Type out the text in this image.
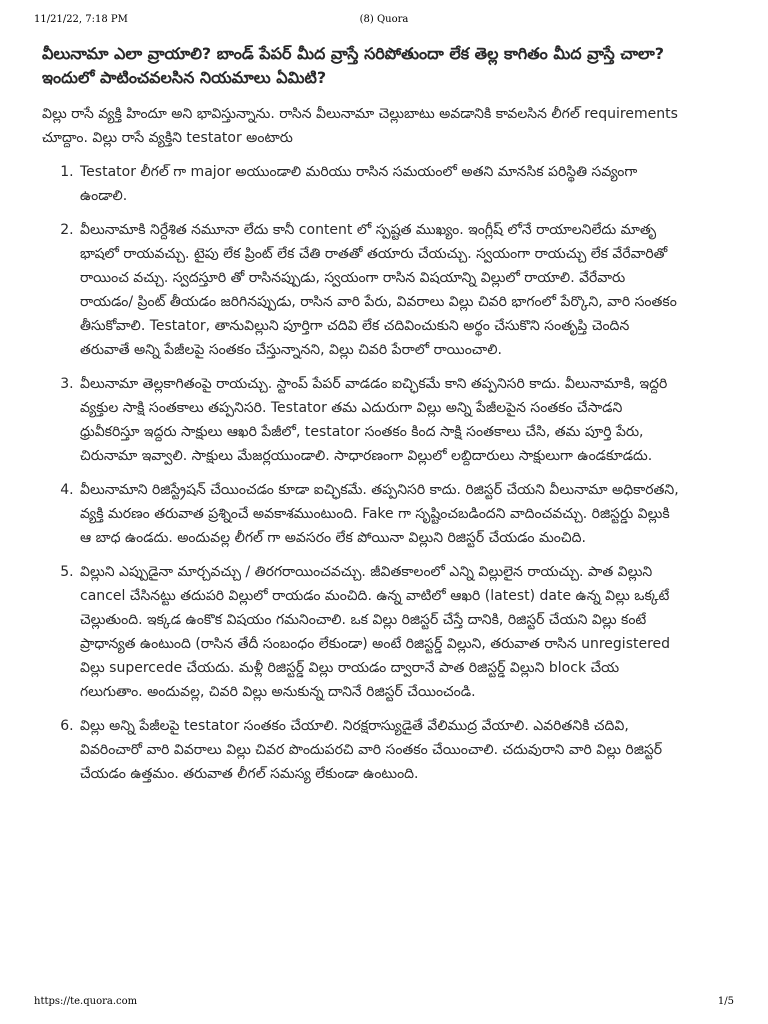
11/21/22, 7:18 PM	(8) Quora
వీలునామా ఎలా వ్రాయాలి? బాండ్ పేపర్ మీద వ్రాస్తే సరిపోతుందా లేక తెల్ల కాగితం మీద వ్రాస్తే చాలా? ఇందులో పాటించవలసిన నియమాలు ఏమిటి?

విల్లు రాసే వ్యక్తి హిందూ అని భావిస్తున్నాను. రాసిన వీలునామా చెల్లుబాటు అవడానికి కావలసిన లీగల్ requirements చూద్దాం. విల్లు రాసే వ్యక్తిని testator అంటారు

1. Testator లీగల్ గా major అయుండాలి మరియు రాసిన సమయంలో అతని మానసిక పరిస్థితి సవ్యంగా ఉండాలి.
2. వీలునామాకి నిర్దేశిత నమూనా లేదు కానీ content లో స్పష్టత ముఖ్యం. ఇంగ్లీష్ లోనే రాయాలనిలేదు మాతృ భాషలో రాయవచ్చు. టైపు లేక ప్రింట్ లేక చేతి రాతతో తయారు చేయచ్చు. స్వయంగా రాయచ్చు లేక వేరేవారితో రాయించ వచ్చు. స్వదస్తూరి తో రాసినప్పుడు, స్వయంగా రాసిన విషయాన్ని విల్లులో రాయాలి. వేరేవారు రాయడం/ ప్రింట్ తీయడం జరిగినప్పుడు, రాసిన వారి పేరు, వివరాలు విల్లు చివరి భాగంలో పేర్కొని, వారి సంతకం తీసుకోవాలి. Testator, తానువిల్లుని పూర్తిగా చదివి లేక చదివించుకుని అర్థం చేసుకొని సంతృప్తి చెందిన తరువాతే అన్ని పేజీలపై సంతకం చేస్తున్నానని, విల్లు చివరి పేరాలో రాయించాలి.
3. వీలునామా తెల్లకాగితంపై రాయచ్చు. స్టాంప్ పేపర్ వాడడం ఐచ్ఛికమే కాని తప్పనిసరి కాదు. వీలునామాకి, ఇద్దరి వ్యక్తుల సాక్షి సంతకాలు తప్పనిసరి. Testator తమ ఎదురుగా విల్లు అన్ని పేజీలపైన సంతకం చేసాడని ధ్రువీకరిస్తూ ఇద్దరు సాక్షులు ఆఖరి పేజీలో, testator సంతకం కింద సాక్షి సంతకాలు చేసి, తమ పూర్తి పేరు, చిరునామా ఇవ్వాలి. సాక్షులు మేజర్లయుండాలి. సాధారణంగా విల్లులో లబ్దిదారులు సాక్షులుగా ఉండకూడదు.
4. వీలునామాని రిజిస్ట్రేషన్ చేయించడం కూడా ఐచ్ఛికమే. తప్పనిసరి కాదు. రిజిస్టర్ చేయని వీలునామా అధికారతని, వ్యక్తి మరణం తరువాత ప్రశ్నించే అవకాశముంటుంది. Fake గా సృష్టించబడిందని వాదించవచ్చు. రిజిస్టర్డు విల్లుకి ఆ బాధ ఉండదు. అందువల్ల లీగల్ గా అవసరం లేక పోయినా విల్లుని రిజిస్టర్ చేయడం మంచిది.
5. విల్లుని ఎప్పుడైనా మార్చవచ్చు / తిరగరాయించవచ్చు. జీవితకాలంలో ఎన్ని విల్లులైన రాయచ్చు. పాత విల్లుని cancel చేసినట్టు తదుపరి విల్లులో రాయడం మంచిది. ఉన్న వాటిలో ఆఖరి (latest) date ఉన్న విల్లు ఒక్కటే చెల్లుతుంది. ఇక్కడ ఉంకొక విషయం గమనించాలి. ఒక విల్లు రిజిస్టర్ చేస్తే దానికి, రిజిస్టర్ చేయని విల్లు కంటే ప్రాధాన్యత ఉంటుంది (రాసిన తేదీ సంబంధం లేకుండా) అంటే రిజిస్టర్డ్ విల్లుని, తరువాత రాసిన unregistered విల్లు supercede చేయదు. మళ్లీ రిజిస్టర్డ్ విల్లు రాయడం ద్వారానే పాత రిజిస్టర్డ్ విల్లుని block చేయ గలుగుతాం. అందువల్ల, చివరి విల్లు అనుకున్న దానినే రిజిస్టర్ చేయించండి.
6. విల్లు అన్ని పేజీలపై testator సంతకం చేయాలి. నిరక్షరాస్యుడైతే వేలిముద్ర వేయాలి. ఎవరితనికి చదివి, వివరించారో వారి వివరాలు విల్లు చివర పొందుపరచి వారి సంతకం చేయించాలి. చదువురాని వారి విల్లు రిజిస్టర్ చేయడం ఉత్తమం. తరువాత లీగల్ సమస్య లేకుండా ఉంటుంది.
https://te.quora.com	1/5
